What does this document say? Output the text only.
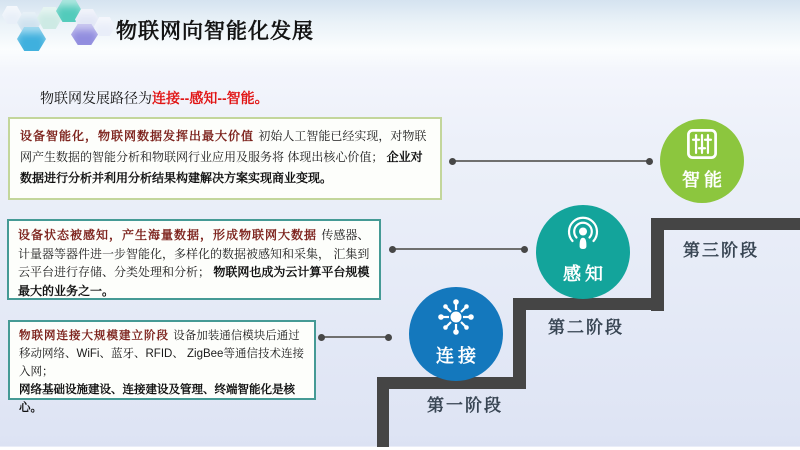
物联网向智能化发展
物联网发展路径为连接--感知--智能。
设备智能化，物联网数据发挥出最大价值 初始人工智能已经实现，对物联网产生数据的智能分析和物联网行业应用及服务将 体现出核心价值； 企业对数据进行分析并利用分析结果构建解决方案实现商业变现。
设备状态被感知，产生海量数据，形成物联网大数据 传感器、计量器等器件进一步智能化，多样化的数据被感知和采集， 汇集到云平台进行存储、分类处理和分析； 物联网也成为云计算平台规模最大的业务之一。
物联网连接大规模建立阶段 设备加装通信模块后通过移动网络、WiFi、蓝牙、RFID、 ZigBee等通信技术连接入网；
网络基础设施建设、连接建设及管理、终端智能化是核心。
连接
感知
智能
第一阶段
第二阶段
第三阶段
